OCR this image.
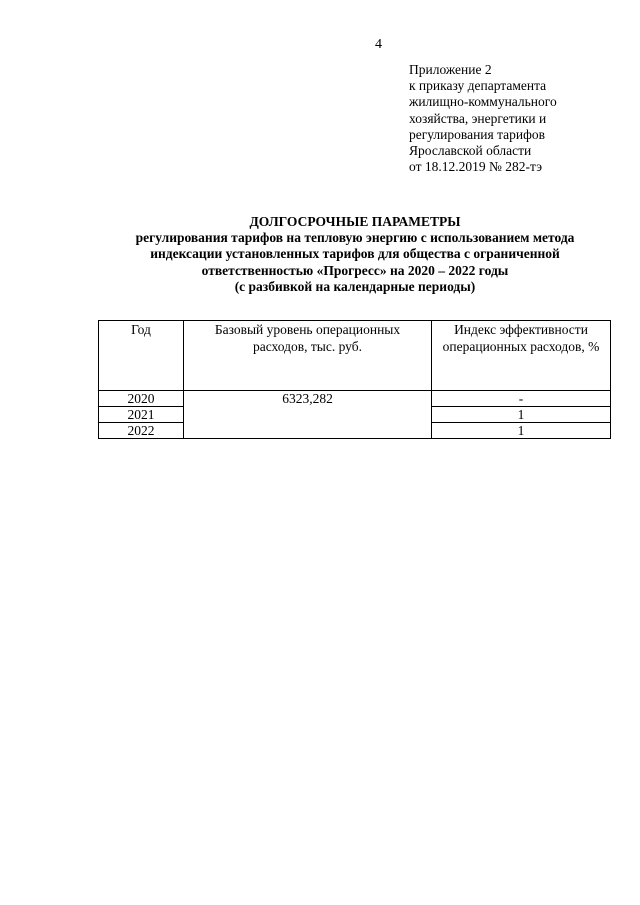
4
Приложение 2
к приказу департамента
жилищно-коммунального
хозяйства, энергетики и
регулирования тарифов
Ярославской области
от 18.12.2019 № 282-тэ
ДОЛГОСРОЧНЫЕ ПАРАМЕТРЫ
регулирования тарифов на тепловую энергию с использованием метода
индексации установленных тарифов для общества с ограниченной
ответственностью «Прогресс» на 2020 – 2022 годы
(с разбивкой на календарные периоды)
Год	Базовый уровень операционных расходов, тыс. руб.	Индекс эффективности операционных расходов, %
2020	6323,282	-
2021		1
2022		1
